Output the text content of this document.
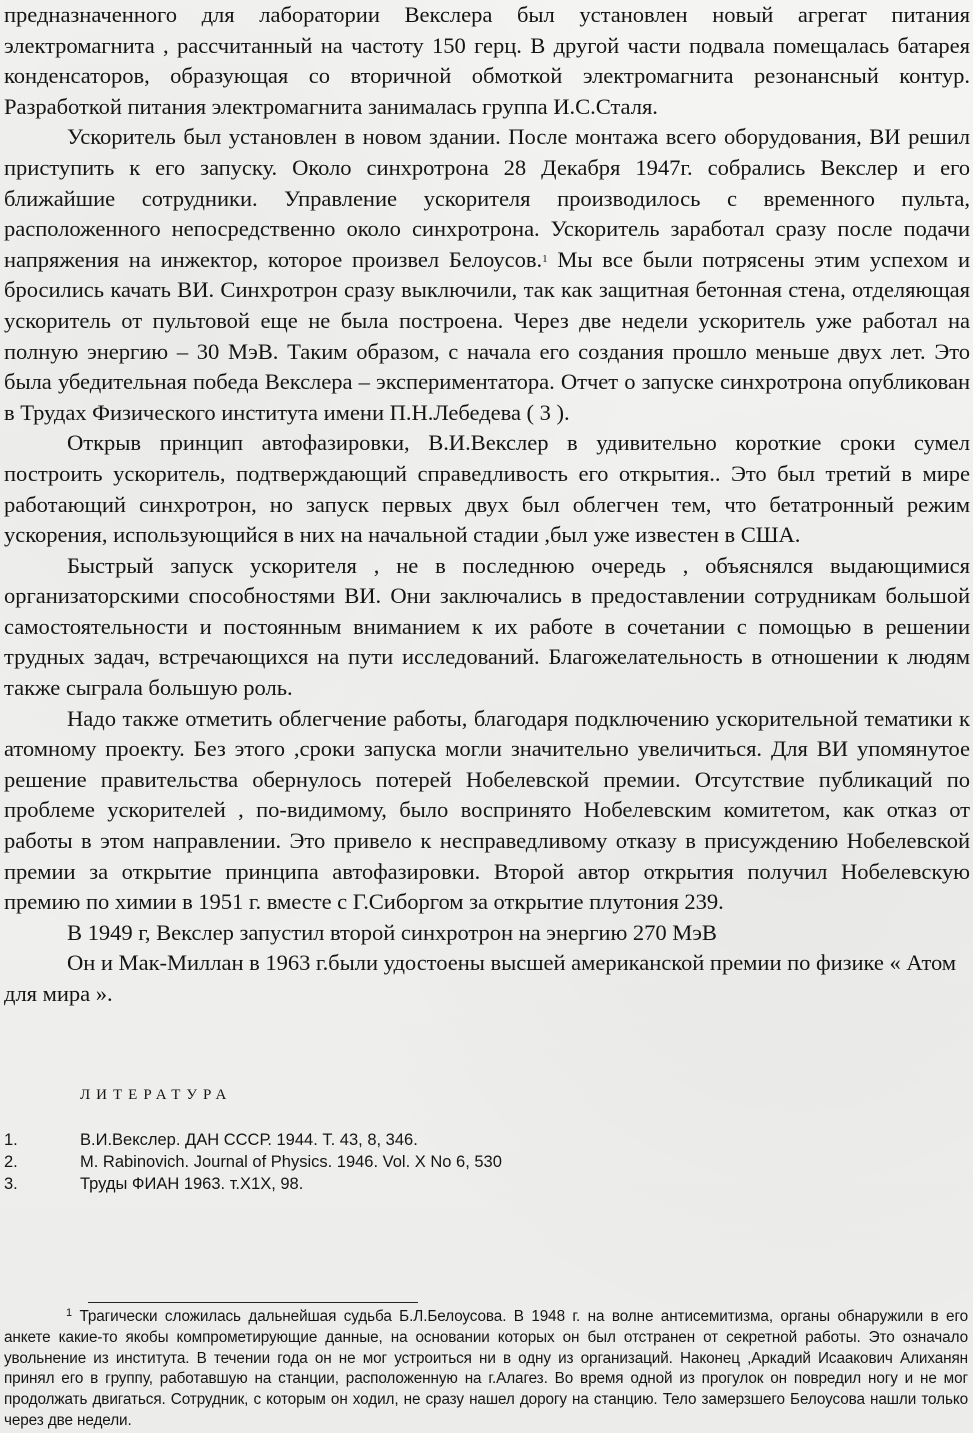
предназначенного для лаборатории Векслера был установлен новый агрегат питания электромагнита , рассчитанный на частоту 150 герц. В другой части подвала помещалась батарея конденсаторов, образующая со вторичной обмоткой электромагнита резонансный контур. Разработкой питания электромагнита занималась группа И.С.Сталя.

Ускоритель был установлен в новом здании. После монтажа всего оборудования, ВИ решил приступить к его запуску. Около синхротрона 28 Декабря 1947г. собрались Векслер и его ближайшие сотрудники. Управление ускорителя производилось с временного пульта, расположенного непосредственно около синхротрона. Ускоритель заработал сразу после подачи напряжения на инжектор, которое произвел Белоусов.$^1$ Мы все были потрясены этим успехом и бросились качать ВИ. Синхротрон сразу выключили, так как защитная бетонная стена, отделяющая ускоритель от пультовой еще не была построена. Через две недели ускоритель уже работал на полную энергию – 30 МэВ. Таким образом, с начала его создания прошло меньше двух лет. Это была убедительная победа Векслера – экспериментатора. Отчет о запуске синхротрона опубликован в Трудах Физического института имени П.Н.Лебедева ( 3 ).

Открыв принцип автофазировки, В.И.Векслер в удивительно короткие сроки сумел построить ускоритель, подтверждающий справедливость его открытия.. Это был третий в мире работающий синхротрон, но запуск первых двух был облегчен тем, что бетатронный режим ускорения, использующийся в них на начальной стадии ,был уже известен в США.

Быстрый запуск ускорителя , не в последнюю очередь , объяснялся выдающимися организаторскими способностями ВИ. Они заключались в предоставлении сотрудникам большой самостоятельности и постоянным вниманием к их работе в сочетании с помощью в решении трудных задач, встречающихся на пути исследований. Благожелательность в отношении к людям также сыграла большую роль.

Надо также отметить облегчение работы, благодаря подключению ускорительной тематики к атомному проекту. Без этого ,сроки запуска могли значительно увеличиться. Для ВИ упомянутое решение правительства обернулось потерей Нобелевской премии. Отсутствие публикаций по проблеме ускорителей , по-видимому, было воспринято Нобелевским комитетом, как отказ от работы в этом направлении. Это привело к несправедливому отказу в присуждению Нобелевской премии за открытие принципа автофазировки. Второй автор открытия получил Нобелевскую премию по химии в 1951 г. вместе с Г.Сиборгом за открытие плутония 239.

В 1949 г, Векслер запустил второй синхротрон на энергию 270 МэВ

Он и Мак-Миллан в 1963 г.были удостоены высшей американской премии по физике « Атом для мира ».

ЛИТЕРАТУРА
1.	В.И.Векслер. ДАН СССР. 1944. Т. 43, 8, 346.
2.	M. Rabinovich. Journal of Physics. 1946. Vol. X No 6, 530
3.	Труды ФИАН 1963. т.Х1Х, 98.
$^1$ Трагически сложилась дальнейшая судьба Б.Л.Белоусова. В 1948 г. на волне антисемитизма, органы обнаружили в его анкете какие-то якобы компрометирующие данные, на основании которых он был отстранен от секретной работы. Это означало увольнение из института. В течении года он не мог устроиться ни в одну из организаций. Наконец ,Аркадий Исаакович Алиханян принял его в группу, работавшую на станции, расположенную на г.Алагез. Во время одной из прогулок он повредил ногу и не мог продолжать двигаться. Сотрудник, с которым он ходил, не сразу нашел дорогу на станцию. Тело замерзшего Белоусова нашли только через две недели.
